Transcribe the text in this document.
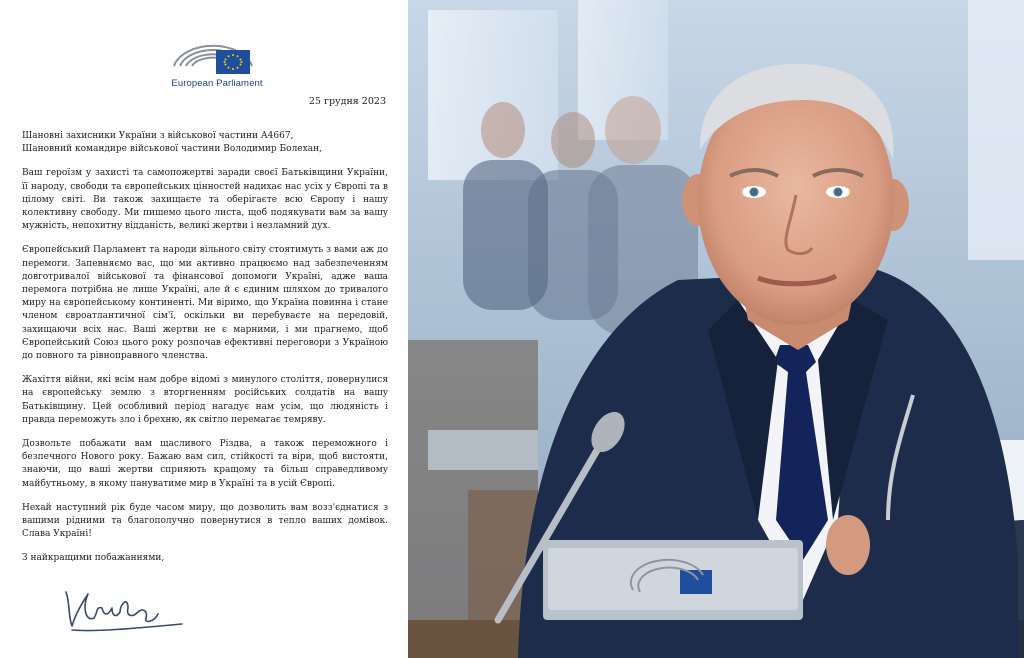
European Parliament
25 грудня 2023

Шановні захисники України з військової частини А4667,

Шановний командире військової частини Володимир Болехан,

Ваш героїзм у захисті та самопожертві заради своєї Батьківщини України, її народу, свободи та європейських цінностей надихає нас усіх у Європі та в цілому світі. Ви також захищаєте та оберігаєте всю Європу і нашу колективну свободу. Ми пишемо цього листа, щоб подякувати вам за вашу мужність, непохитну відданість, великі жертви і незламний дух.

Європейський Парламент та народи вільного світу стоятимуть з вами аж до перемоги. Запевняємо вас, що ми активно працюємо над забезпеченням довготривалої військової та фінансової допомоги Україні, адже ваша перемога потрібна не лише Україні, але й є єдиним шляхом до тривалого миру на європейському континенті. Ми віримо, що Україна повинна і стане членом євроатлантичної сім'ї, оскільки ви перебуваєте на передовій, захищаючи всіх нас. Ваші жертви не є марними, і ми прагнемо, щоб Європейський Союз цього року розпочав ефективні переговори з Україною до повного та рівноправного членства.

Жахіття війни, які всім нам добре відомі з минулого століття, повернулися на європейську землю з вторгненням російських солдатів на вашу Батьківщину. Цей особливий період нагадує нам усім, що людяність і правда переможуть зло і брехню, як світло перемагає темряву.

Дозвольте побажати вам щасливого Різдва, а також переможного і безпечного Нового року. Бажаю вам сил, стійкості та віри, щоб вистояти, знаючи, що ваші жертви сприяють кращому та більш справедливому майбутньому, в якому пануватиме мир в Україні та в усій Європі.

Нехай наступний рік буде часом миру, що дозволить вам возз'єднатися з вашими рідними та благополучно повернутися в тепло ваших домівок. Слава Україні!

З найкращими побажаннями,
